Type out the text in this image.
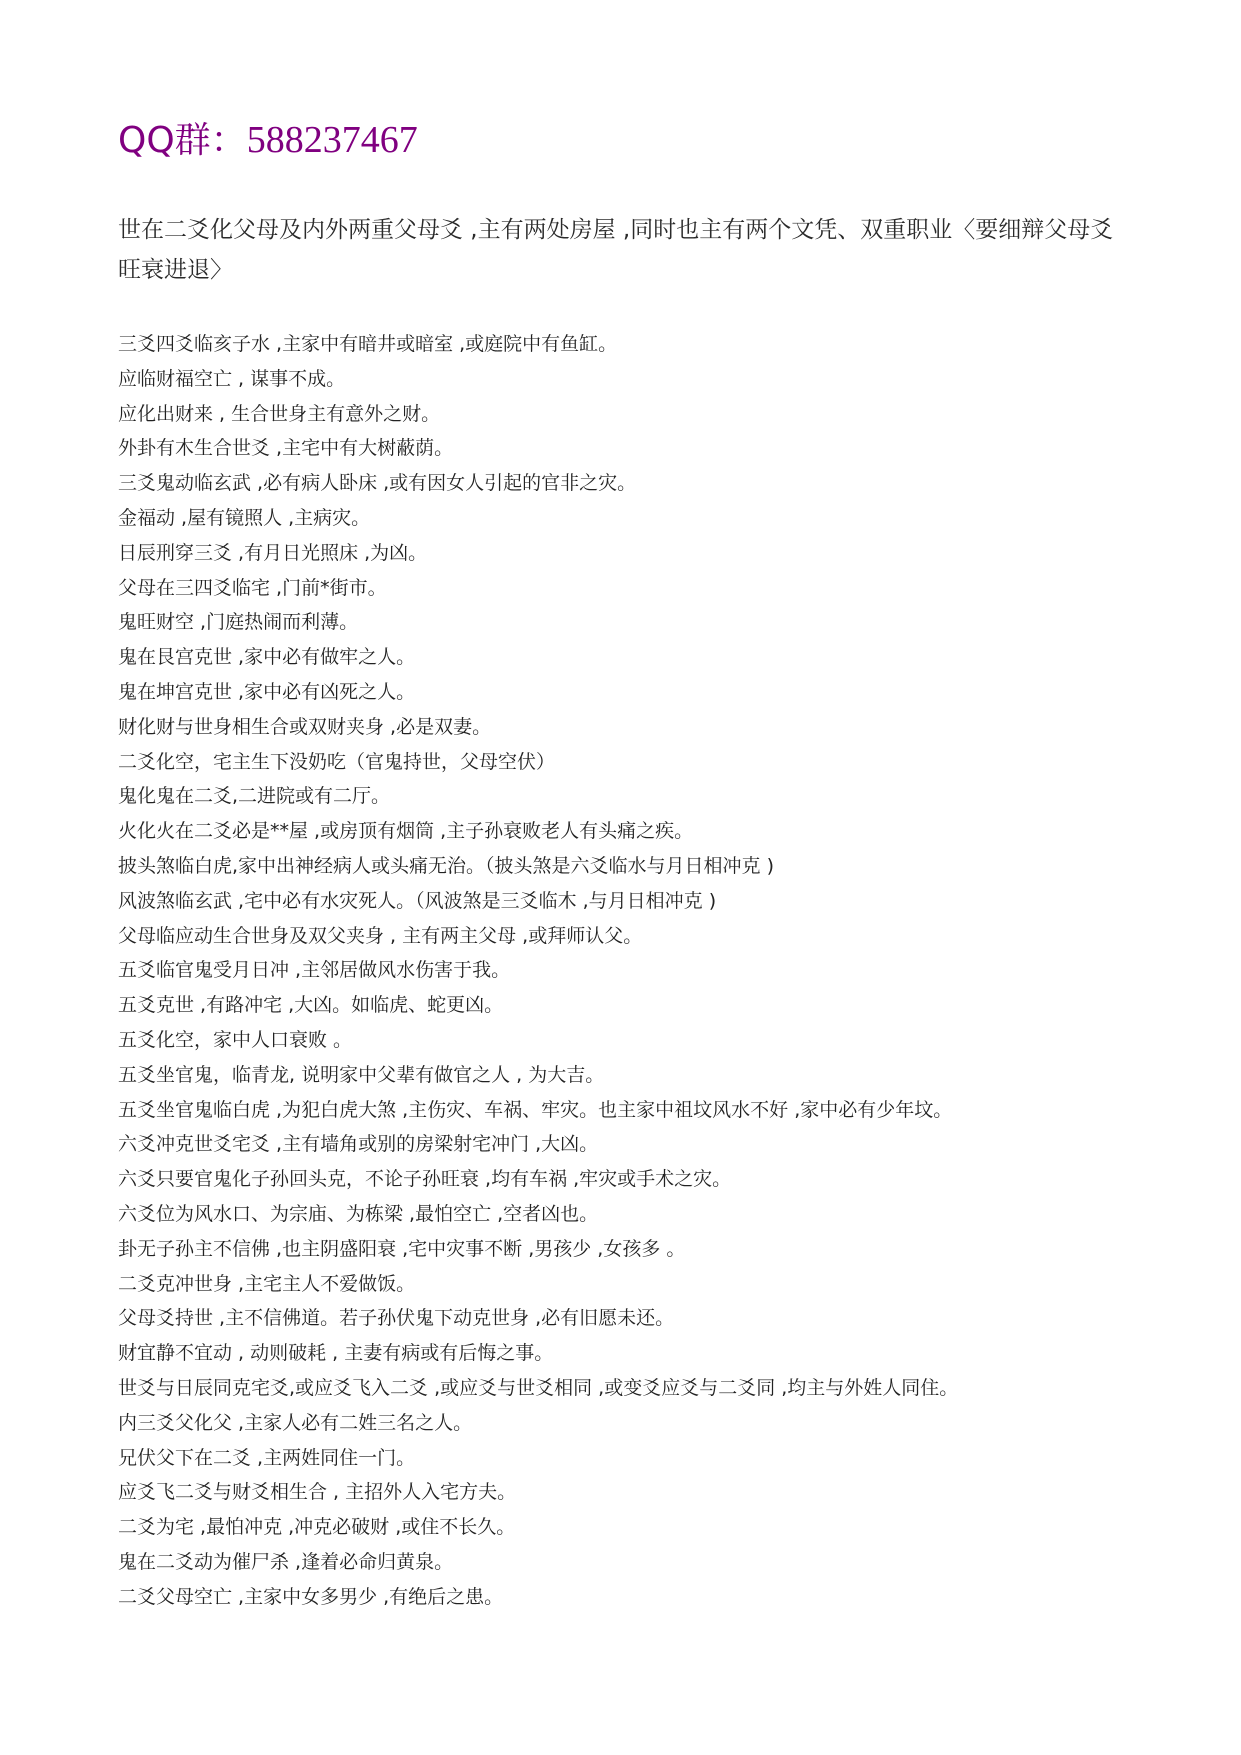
QQ群：588237467
世在二爻化父母及内外两重父母爻 ,主有两处房屋 ,同时也主有两个文凭、双重职业〈要细辩父母爻旺衰进退〉
三爻四爻临亥子水 ,主家中有暗井或暗室 ,或庭院中有鱼缸。
应临财福空亡 , 谋事不成。
应化出财来 , 生合世身主有意外之财。
外卦有木生合世爻 ,主宅中有大树蔽荫。
三爻鬼动临玄武 ,必有病人卧床 ,或有因女人引起的官非之灾。
金福动 ,屋有镜照人 ,主病灾。
日辰刑穿三爻 ,有月日光照床 ,为凶。
父母在三四爻临宅 ,门前*街市。
鬼旺财空 ,门庭热闹而利薄。
鬼在艮宫克世 ,家中必有做牢之人。
鬼在坤宫克世 ,家中必有凶死之人。
财化财与世身相生合或双财夹身 ,必是双妻。
二爻化空，宅主生下没奶吃（官鬼持世，父母空伏）
鬼化鬼在二爻,二进院或有二厅。
火化火在二爻必是**屋 ,或房顶有烟筒 ,主子孙衰败老人有头痛之疾。
披头煞临白虎,家中出神经病人或头痛无治。（披头煞是六爻临水与月日相冲克 )
风波煞临玄武 ,宅中必有水灾死人。（风波煞是三爻临木 ,与月日相冲克 )
父母临应动生合世身及双父夹身 , 主有两主父母 ,或拜师认父。
五爻临官鬼受月日冲 ,主邻居做风水伤害于我。
五爻克世 ,有路冲宅 ,大凶。如临虎、蛇更凶。
五爻化空，家中人口衰败 。
五爻坐官鬼，临青龙, 说明家中父辈有做官之人 , 为大吉。
五爻坐官鬼临白虎 ,为犯白虎大煞 ,主伤灾、车祸、牢灾。也主家中祖坟风水不好 ,家中必有少年坟。
六爻冲克世爻宅爻 ,主有墙角或别的房梁射宅冲门 ,大凶。
六爻只要官鬼化子孙回头克，不论子孙旺衰 ,均有车祸 ,牢灾或手术之灾。
六爻位为风水口、为宗庙、为栋梁 ,最怕空亡 ,空者凶也。
卦无子孙主不信佛 ,也主阴盛阳衰 ,宅中灾事不断 ,男孩少 ,女孩多 。
二爻克冲世身 ,主宅主人不爱做饭。
父母爻持世 ,主不信佛道。若子孙伏鬼下动克世身 ,必有旧愿未还。
财宜静不宜动 , 动则破耗 , 主妻有病或有后悔之事。
世爻与日辰同克宅爻,或应爻飞入二爻 ,或应爻与世爻相同 ,或变爻应爻与二爻同 ,均主与外姓人同住。
内三爻父化父 ,主家人必有二姓三名之人。
兄伏父下在二爻 ,主两姓同住一门。
应爻飞二爻与财爻相生合 , 主招外人入宅方夫。
二爻为宅 ,最怕冲克 ,冲克必破财 ,或住不长久。
鬼在二爻动为催尸杀 ,逢着必命归黄泉。
二爻父母空亡 ,主家中女多男少 ,有绝后之患。
